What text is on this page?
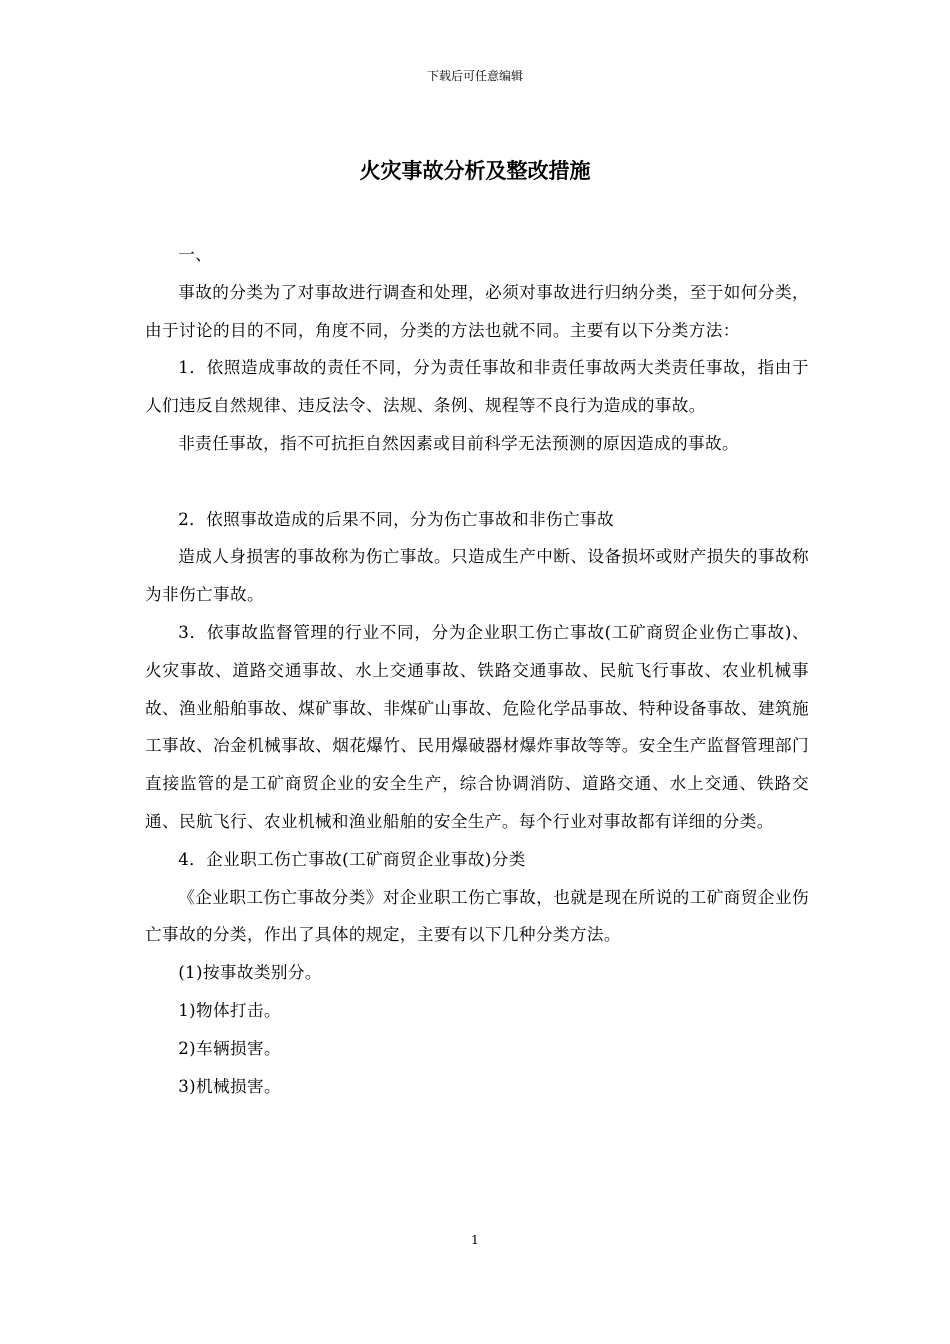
下载后可任意编辑
火灾事故分析及整改措施

一、

事故的分类为了对事故进行调查和处理，必须对事故进行归纳分类，至于如何分类，由于讨论的目的不同，角度不同，分类的方法也就不同。主要有以下分类方法：

1．依照造成事故的责任不同，分为责任事故和非责任事故两大类责任事故，指由于人们违反自然规律、违反法令、法规、条例、规程等不良行为造成的事故。

非责任事故，指不可抗拒自然因素或目前科学无法预测的原因造成的事故。

2．依照事故造成的后果不同，分为伤亡事故和非伤亡事故

造成人身损害的事故称为伤亡事故。只造成生产中断、设备损坏或财产损失的事故称为非伤亡事故。

3．依事故监督管理的行业不同，分为企业职工伤亡事故(工矿商贸企业伤亡事故)、火灾事故、道路交通事故、水上交通事故、铁路交通事故、民航飞行事故、农业机械事故、渔业船舶事故、煤矿事故、非煤矿山事故、危险化学品事故、特种设备事故、建筑施工事故、冶金机械事故、烟花爆竹、民用爆破器材爆炸事故等等。安全生产监督管理部门直接监管的是工矿商贸企业的安全生产，综合协调消防、道路交通、水上交通、铁路交通、民航飞行、农业机械和渔业船舶的安全生产。每个行业对事故都有详细的分类。

4．企业职工伤亡事故(工矿商贸企业事故)分类

《企业职工伤亡事故分类》对企业职工伤亡事故，也就是现在所说的工矿商贸企业伤亡事故的分类，作出了具体的规定，主要有以下几种分类方法。

(1)按事故类别分。

1)物体打击。

2)车辆损害。

3)机械损害。

1
